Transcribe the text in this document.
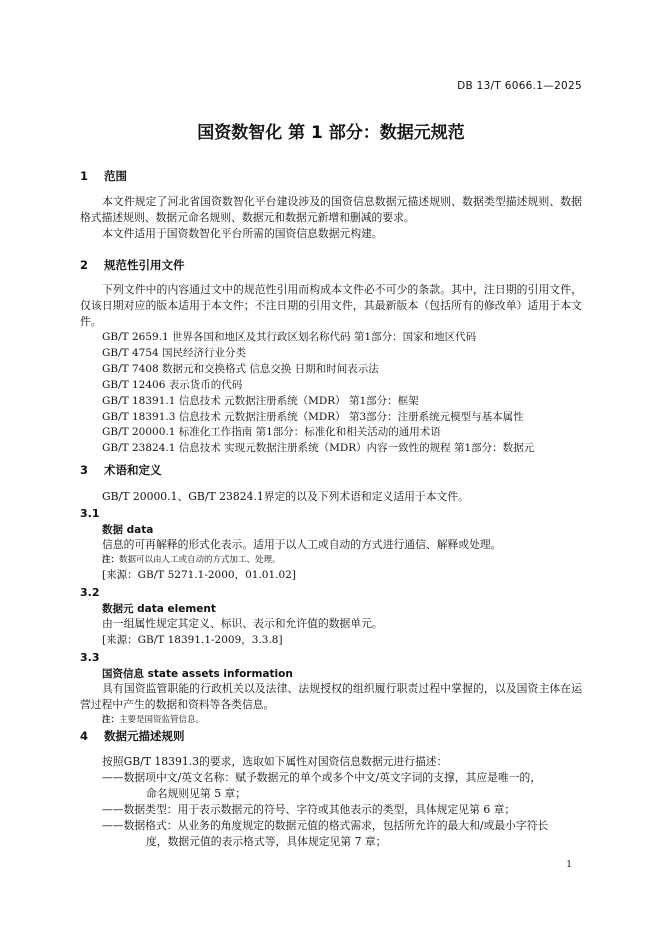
DB 13/T 6066.1—2025
国资数智化 第 1 部分：数据元规范
1 范围

本文件规定了河北省国资数智化平台建设涉及的国资信息数据元描述规则、数据类型描述规则、数据格式描述规则、数据元命名规则、数据元和数据元新增和删减的要求。

本文件适用于国资数智化平台所需的国资信息数据元构建。

2 规范性引用文件

下列文件中的内容通过文中的规范性引用而构成本文件必不可少的条款。其中，注日期的引用文件，仅该日期对应的版本适用于本文件；不注日期的引用文件，其最新版本（包括所有的修改单）适用于本文件。

GB/T 2659.1 世界各国和地区及其行政区划名称代码 第1部分：国家和地区代码
GB/T 4754 国民经济行业分类
GB/T 7408 数据元和交换格式 信息交换 日期和时间表示法
GB/T 12406 表示货币的代码
GB/T 18391.1 信息技术 元数据注册系统（MDR） 第1部分：框架
GB/T 18391.3 信息技术 元数据注册系统（MDR） 第3部分：注册系统元模型与基本属性
GB/T 20000.1 标准化工作指南 第1部分：标准化和相关活动的通用术语
GB/T 23824.1 信息技术 实现元数据注册系统（MDR）内容一致性的规程 第1部分：数据元
3 术语和定义

GB/T 20000.1、GB/T 23824.1界定的以及下列术语和定义适用于本文件。

3.1
数据 data
信息的可再解释的形式化表示。适用于以人工或自动的方式进行通信、解释或处理。
注：数据可以由人工或自动的方式加工、处理。
[来源：GB/T 5271.1-2000，01.01.02]
3.2
数据元 data element
由一组属性规定其定义、标识、表示和允许值的数据单元。
[来源：GB/T 18391.1-2009，3.3.8]
3.3
国资信息 state assets information

具有国资监管职能的行政机关以及法律、法规授权的组织履行职责过程中掌握的，以及国资主体在运营过程中产生的数据和资料等各类信息。

注：主要是国资监管信息。
4 数据元描述规则
按照GB/T 18391.3的要求，选取如下属性对国资信息数据元进行描述：
——数据项中文/英文名称：赋予数据元的单个或多个中文/英文字词的支撑，其应是唯一的，
命名规则见第 5 章；
——数据类型：用于表示数据元的符号、字符或其他表示的类型，具体规定见第 6 章；
——数据格式：从业务的角度规定的数据元值的格式需求，包括所允许的最大和/或最小字符长
度，数据元值的表示格式等，具体规定见第 7 章；
1
